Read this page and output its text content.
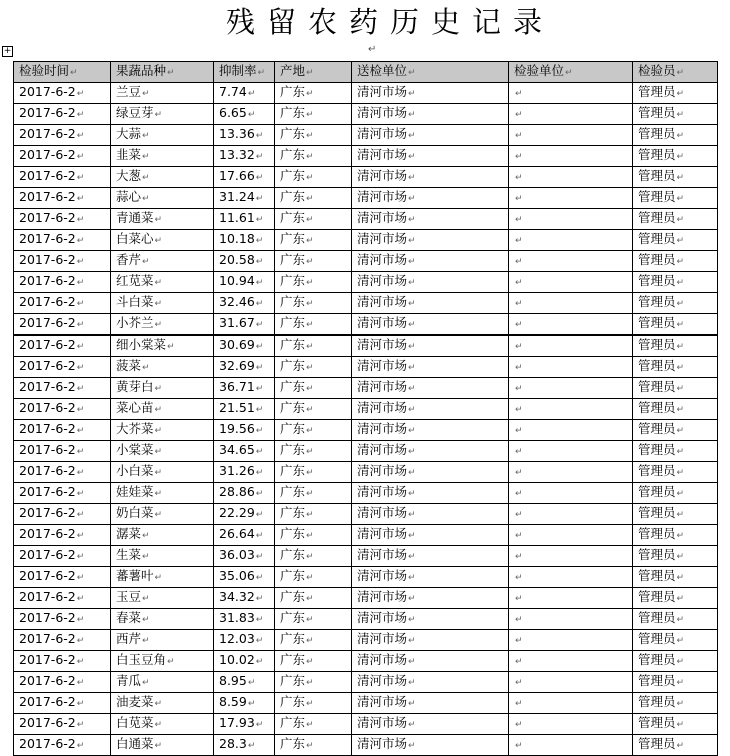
残留农药历史记录
+	↵
检验时间↵	果蔬品种↵	抑制率↵	产地↵	送检单位↵	检验单位↵	检验员↵
2017-6-2↵	兰豆↵	7.74↵	广东↵	清河市场↵	↵	管理员↵
2017-6-2↵	绿豆芽↵	6.65↵	广东↵	清河市场↵	↵	管理员↵
2017-6-2↵	大蒜↵	13.36↵	广东↵	清河市场↵	↵	管理员↵
2017-6-2↵	韭菜↵	13.32↵	广东↵	清河市场↵	↵	管理员↵
2017-6-2↵	大葱↵	17.66↵	广东↵	清河市场↵	↵	管理员↵
2017-6-2↵	蒜心↵	31.24↵	广东↵	清河市场↵	↵	管理员↵
2017-6-2↵	青通菜↵	11.61↵	广东↵	清河市场↵	↵	管理员↵
2017-6-2↵	白菜心↵	10.18↵	广东↵	清河市场↵	↵	管理员↵
2017-6-2↵	香芹↵	20.58↵	广东↵	清河市场↵	↵	管理员↵
2017-6-2↵	红苋菜↵	10.94↵	广东↵	清河市场↵	↵	管理员↵
2017-6-2↵	斗白菜↵	32.46↵	广东↵	清河市场↵	↵	管理员↵
2017-6-2↵	小芥兰↵	31.67↵	广东↵	清河市场↵	↵	管理员↵
2017-6-2↵	细小棠菜↵	30.69↵	广东↵	清河市场↵	↵	管理员↵
2017-6-2↵	菠菜↵	32.69↵	广东↵	清河市场↵	↵	管理员↵
2017-6-2↵	黄芽白↵	36.71↵	广东↵	清河市场↵	↵	管理员↵
2017-6-2↵	菜心苗↵	21.51↵	广东↵	清河市场↵	↵	管理员↵
2017-6-2↵	大芥菜↵	19.56↵	广东↵	清河市场↵	↵	管理员↵
2017-6-2↵	小棠菜↵	34.65↵	广东↵	清河市场↵	↵	管理员↵
2017-6-2↵	小白菜↵	31.26↵	广东↵	清河市场↵	↵	管理员↵
2017-6-2↵	娃娃菜↵	28.86↵	广东↵	清河市场↵	↵	管理员↵
2017-6-2↵	奶白菜↵	22.29↵	广东↵	清河市场↵	↵	管理员↵
2017-6-2↵	潺菜↵	26.64↵	广东↵	清河市场↵	↵	管理员↵
2017-6-2↵	生菜↵	36.03↵	广东↵	清河市场↵	↵	管理员↵
2017-6-2↵	蕃薯叶↵	35.06↵	广东↵	清河市场↵	↵	管理员↵
2017-6-2↵	玉豆↵	34.32↵	广东↵	清河市场↵	↵	管理员↵
2017-6-2↵	春菜↵	31.83↵	广东↵	清河市场↵	↵	管理员↵
2017-6-2↵	西芹↵	12.03↵	广东↵	清河市场↵	↵	管理员↵
2017-6-2↵	白玉豆角↵	10.02↵	广东↵	清河市场↵	↵	管理员↵
2017-6-2↵	青瓜↵	8.95↵	广东↵	清河市场↵	↵	管理员↵
2017-6-2↵	油麦菜↵	8.59↵	广东↵	清河市场↵	↵	管理员↵
2017-6-2↵	白苋菜↵	17.93↵	广东↵	清河市场↵	↵	管理员↵
2017-6-2↵	白通菜↵	28.3↵	广东↵	清河市场↵	↵	管理员↵
